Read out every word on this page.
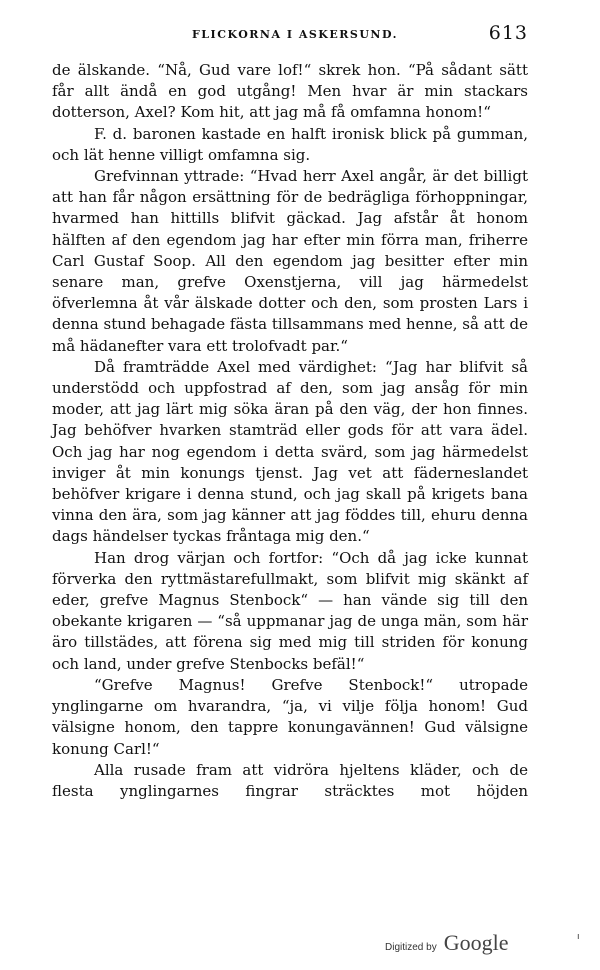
FLICKORNA I ASKERSUND.	613

de älskande. “Nå, Gud vare lof!“ skrek hon. “På sådant sätt får allt ändå en god utgång! Men hvar är min stackars dotterson, Axel? Kom hit, att jag må få omfamna honom!“

F. d. baronen kastade en halft ironisk blick på gumman, och lät henne villigt omfamna sig.

Grefvinnan yttrade: “Hvad herr Axel angår, är det billigt att han får någon ersättning för de bedrägliga förhoppningar, hvarmed han hittills blifvit gäckad. Jag afstår åt honom hälften af den egendom jag har efter min förra man, friherre Carl Gustaf Soop. All den egendom jag besitter efter min senare man, grefve Oxenstjerna, vill jag härmedelst öfverlemna åt vår älskade dotter och den, som prosten Lars i denna stund behagade fästa tillsammans med henne, så att de må hädanefter vara ett trolofvadt par.“

Då framträdde Axel med värdighet: “Jag har blifvit så understödd och uppfostrad af den, som jag ansåg för min moder, att jag lärt mig söka äran på den väg, der hon finnes. Jag behöfver hvarken stamträd eller gods för att vara ädel. Och jag har nog egendom i detta svärd, som jag härmedelst inviger åt min konungs tjenst. Jag vet att fäderneslandet behöfver krigare i denna stund, och jag skall på krigets bana vinna den ära, som jag känner att jag föddes till, ehuru denna dags händelser tyckas fråntaga mig den.“

Han drog värjan och fortfor: “Och då jag icke kunnat förverka den ryttmästarefullmakt, som blifvit mig skänkt af eder, grefve Magnus Stenbock“ — han vände sig till den obekante krigaren — “så uppmanar jag de unga män, som här äro tillstädes, att förena sig med mig till striden för konung och land, under grefve Stenbocks befäl!“

“Grefve Magnus! Grefve Stenbock!“ utropade ynglingarne om hvarandra, “ja, vi vilje följa honom! Gud välsigne honom, den tappre konungavännen! Gud välsigne konung Carl!“

Alla rusade fram att vidröra hjeltens kläder, och de flesta ynglingarnes fingrar sträcktes mot höjden

Digitized by Google	ı
